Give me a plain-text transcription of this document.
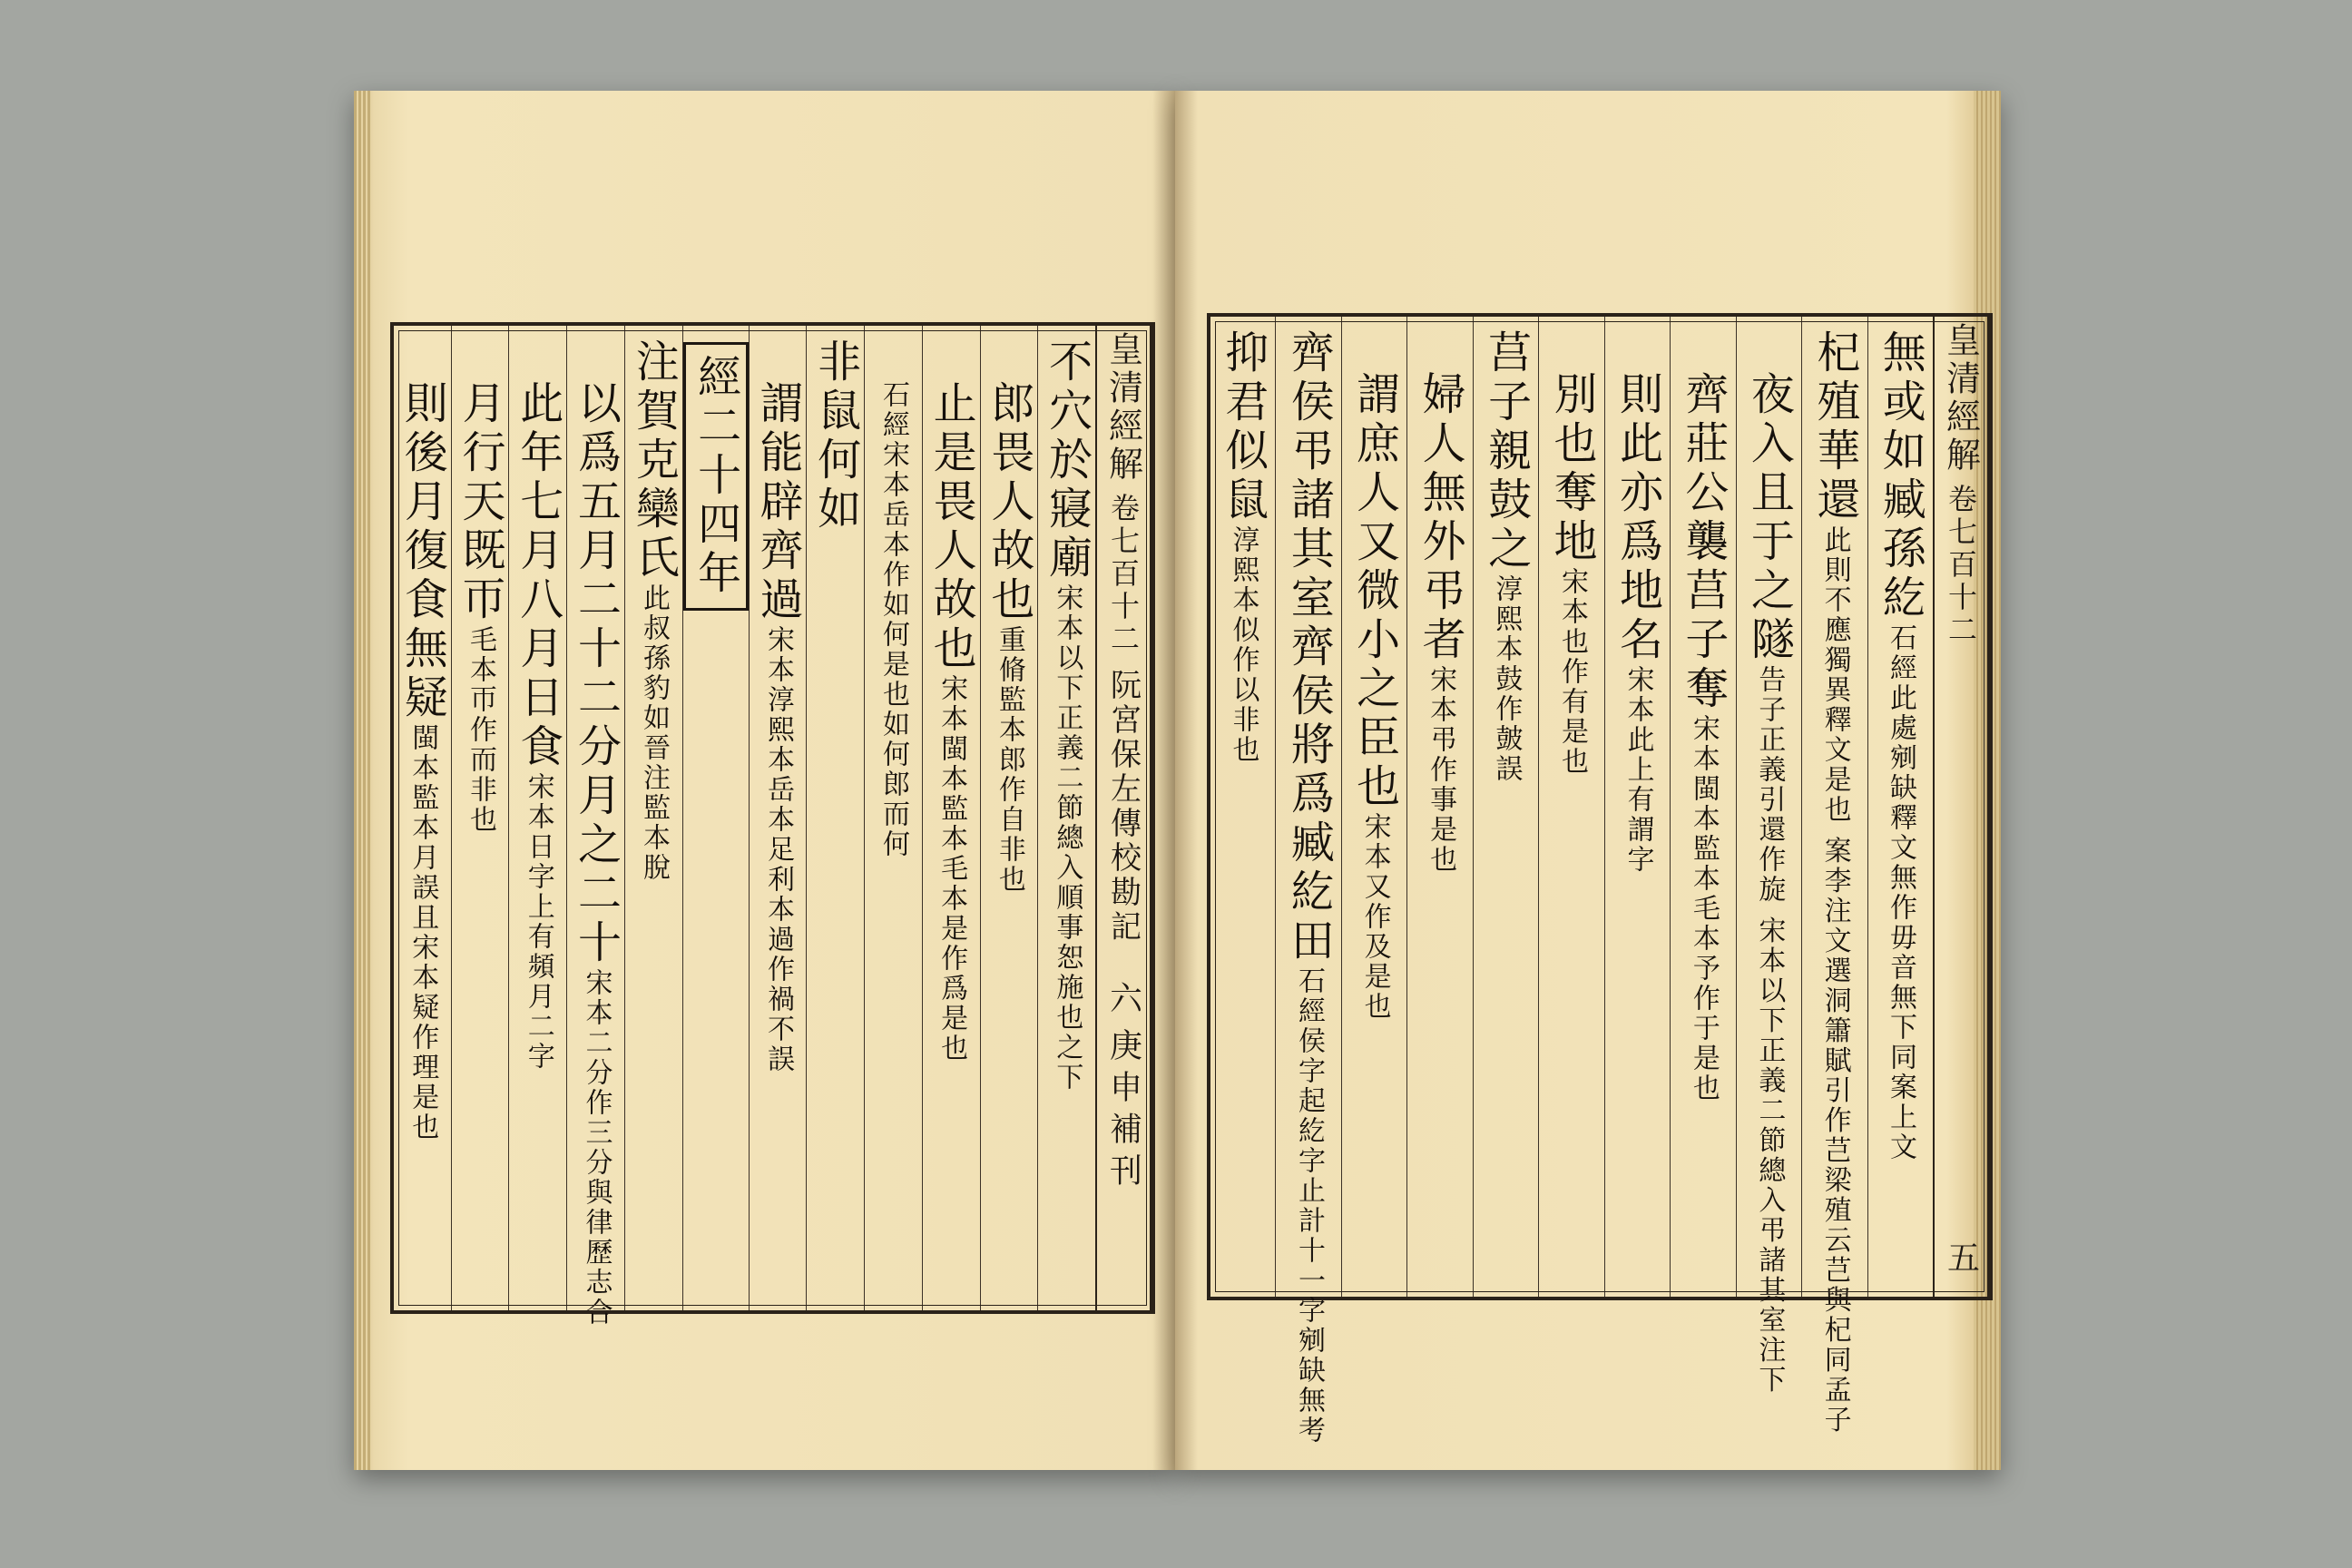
皇清經解
卷七百十二
阮宮保左傳校勘記
六
庚申補刊
不穴於寢廟
宋本以下正義二節總入順事恕施也之下
郎畏人故也重脩監本郎作自非也
止是畏人故也宋本閩本監本毛本是作爲是也
石經宋本岳本作如何是也如何郎而何
非鼠何如
謂能辟齊過宋本淳熙本岳本足利本過作禍不誤
經二十四年
注賀克欒氏
此叔孫豹如晉注監本脫
以爲五月二十二分月之二十宋本二分作三分與律歷志合
此年七月八月日食宋本日字上有頻月二字
月行天既帀毛本帀作而非也
則後月復食無疑閩本監本月誤且宋本疑作理是也
皇清經解
卷七百十二
五
無或如臧孫紇
石經此處剜缺釋文無作毋音無下同案上文
杞殖華還
此則不應獨異釋文是也 案李注文選洞簫賦引作芑梁殖云芑與杞同孟子
夜入且于之隧告子正義引還作旋 宋本以下正義二節總入弔諸其室注下
齊莊公襲莒子奪宋本閩本監本毛本予作于是也
則此亦爲地名宋本此上有謂字
別也奪地宋本也作有是也
莒子親鼓之
淳熙本鼓作皷誤
婦人無外弔者宋本弔作事是也
謂庶人又微小之臣也宋本又作及是也
齊侯弔諸其室齊侯將爲臧紇田
石經侯字起紇字止計十一字剜缺無考
抑君似鼠
淳熙本似作以非也
